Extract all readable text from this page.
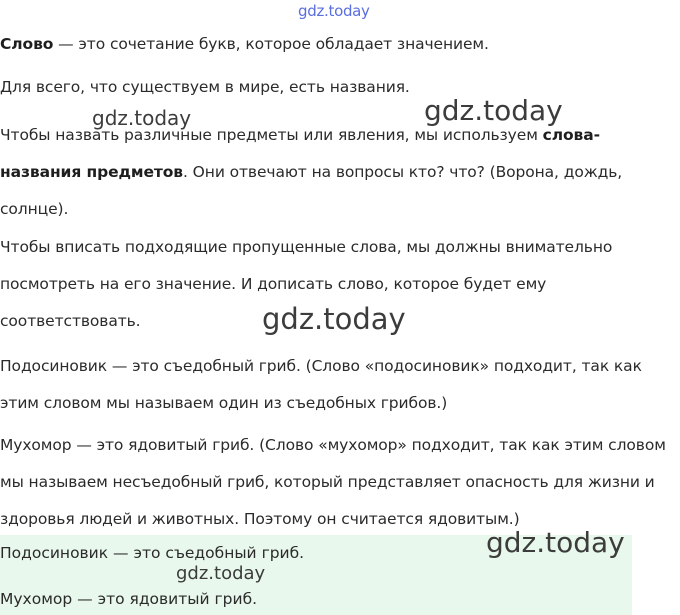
gdz.today

Слово — это сочетание букв, которое обладает значением.

Для всего, что существуем в мире, есть названия.

gdz.today	gdz.today

Чтобы назвать различные предметы или явления, мы используем слова-названия предметов. Они отвечают на вопросы кто? что? (Ворона, дождь, солнце).

Чтобы вписать подходящие пропущенные слова, мы должны внимательно посмотреть на его значение. И дописать слово, которое будет ему соответствовать.	gdz.today

Подосиновик — это съедобный гриб. (Слово «подосиновик» подходит, так как этим словом мы называем один из съедобных грибов.)

Мухомор — это ядовитый гриб. (Слово «мухомор» подходит, так как этим словом мы называем несъедобный гриб, который представляет опасность для жизни и здоровья людей и животных. Поэтому он считается ядовитым.)

Подосиновик — это съедобный гриб.
Мухомор — это ядовитый гриб.
gdz.today
gdz.today
